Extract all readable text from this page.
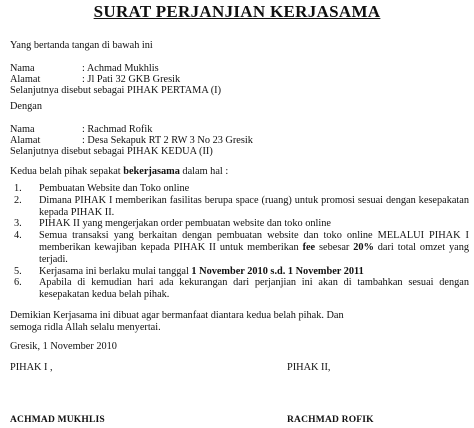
SURAT PERJANJIAN KERJASAMA
Yang bertanda tangan di bawah ini
Nama	: Achmad Mukhlis
Alamat	: Jl Pati 32 GKB Gresik
Selanjutnya disebut sebagai PIHAK PERTAMA (I)
Dengan
Nama	: Rachmad Rofik
Alamat	: Desa Sekapuk RT 2 RW 3 No 23 Gresik
Selanjutnya disebut sebagai PIHAK KEDUA (II)
Kedua belah pihak sepakat bekerjasama dalam hal :
1.	Pembuatan Website dan Toko online
2.	Dimana PIHAK I memberikan fasilitas berupa space (ruang) untuk promosi sesuai dengan kesepakatan kepada PIHAK II.
3.	PIHAK II yang mengerjakan order pembuatan website dan toko online
4.	Semua transaksi yang berkaitan dengan pembuatan website dan toko online MELALUI PIHAK I memberikan kewajiban kepada PIHAK II untuk memberikan fee sebesar 20% dari total omzet yang terjadi.
5.	Kerjasama ini berlaku mulai tanggal 1 November 2010 s.d. 1 November 2011
6.	Apabila di kemudian hari ada kekurangan dari perjanjian ini akan di tambahkan sesuai dengan kesepakatan kedua belah pihak.
Demikian Kerjasama ini dibuat agar bermanfaat diantara kedua belah pihak. Dan
semoga ridla Allah selalu menyertai.
Gresik, 1 November 2010
PIHAK I ,	PIHAK II,
ACHMAD MUKHLIS	RACHMAD ROFIK
